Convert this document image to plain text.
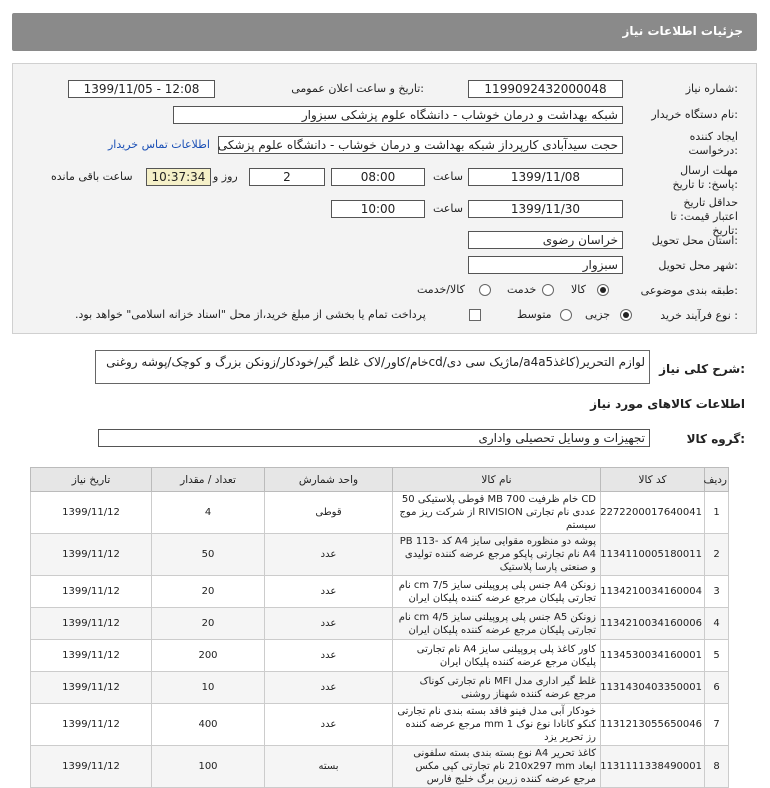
جزئیات اطلاعات نیاز
شماره نیاز:
1199092432000048
تاریخ و ساعت اعلان عمومی:
1399/11/05 - 12:08
نام دستگاه خریدار:
شبکه بهداشت و درمان خوشاب - دانشگاه علوم پزشکی سبزوار
ایجاد کننده درخواست:
حجت سیدآبادی کارپرداز شبکه بهداشت و درمان خوشاب - دانشگاه علوم پزشکی
اطلاعات تماس خریدار
مهلت ارسال پاسخ: تا تاریخ:
1399/11/08
ساعت
08:00
2
روز و
10:37:34
ساعت باقی مانده
حداقل تاریخ اعتبار قیمت: تا تاریخ:
1399/11/30
ساعت
10:00
استان محل تحویل:
خراسان رضوی
شهر محل تحویل:
سبزوار
طبقه بندی موضوعی:
کالا
خدمت
کالا/خدمت
نوع فرآیند خرید :
جزیی
متوسط
پرداخت تمام یا بخشی از مبلغ خرید،از محل "اسناد خزانه اسلامی" خواهد بود.
شرح کلی نیاز:
لوازم التحریر(کاغذa4a5/ماژیک سی دی/cdخام/کاور/لاک غلط گیر/خودکار/زونکن بزرگ و کوچک/پوشه روغنی
اطلاعات کالاهای مورد نیاز
گروه کالا:
تجهیزات و وسایل تحصیلی واداری
ردیف	کد کالا	نام کالا	واحد شمارش	تعداد / مقدار	تاریخ نیاز
1	2272200017640041	CD خام ظرفیت 700 MB قوطی پلاستیکی 50 عددی نام تجارتی RIVISION از شرکت ریز موج سیستم	قوطی	4	1399/11/12
2	1134110005180011	پوشه دو منظوره مقوایی سایز A4 کد PB 113-A4 نام تجارتی پاپکو مرجع عرضه کننده تولیدی و صنعتی پارسا پلاستیک	عدد	50	1399/11/12
3	1134210034160004	زونکن A4 جنس پلی پروپیلنی سایز 7/5 cm نام تجارتی پلیکان مرجع عرضه کننده پلیکان ایران	عدد	20	1399/11/12
4	1134210034160006	زونکن A5 جنس پلی پروپیلنی سایز 4/5 cm نام تجارتی پلیکان مرجع عرضه کننده پلیکان ایران	عدد	20	1399/11/12
5	1134530034160001	کاور کاغذ پلی پروپیلنی سایز A4 نام تجارتی پلیکان مرجع عرضه کننده پلیکان ایران	عدد	200	1399/11/12
6	1131430403350001	غلط گیر اداری مدل MFI نام تجارتی کوناک مرجع عرضه کننده شهناز روشنی	عدد	10	1399/11/12
7	1131213055650046	خودکار آبی مدل فینو فاقد بسته بندی نام تجارتی کنکو کانادا نوع نوک 1 mm مرجع عرضه کننده رز تحریر یزد	عدد	400	1399/11/12
8	1131111338490001	کاغذ تحریر A4 نوع بسته بندی بسته سلفونی ابعاد 210x297 mm نام تجارتی کپی مکس مرجع عرضه کننده زرین برگ خلیج فارس	بسته	100	1399/11/12
